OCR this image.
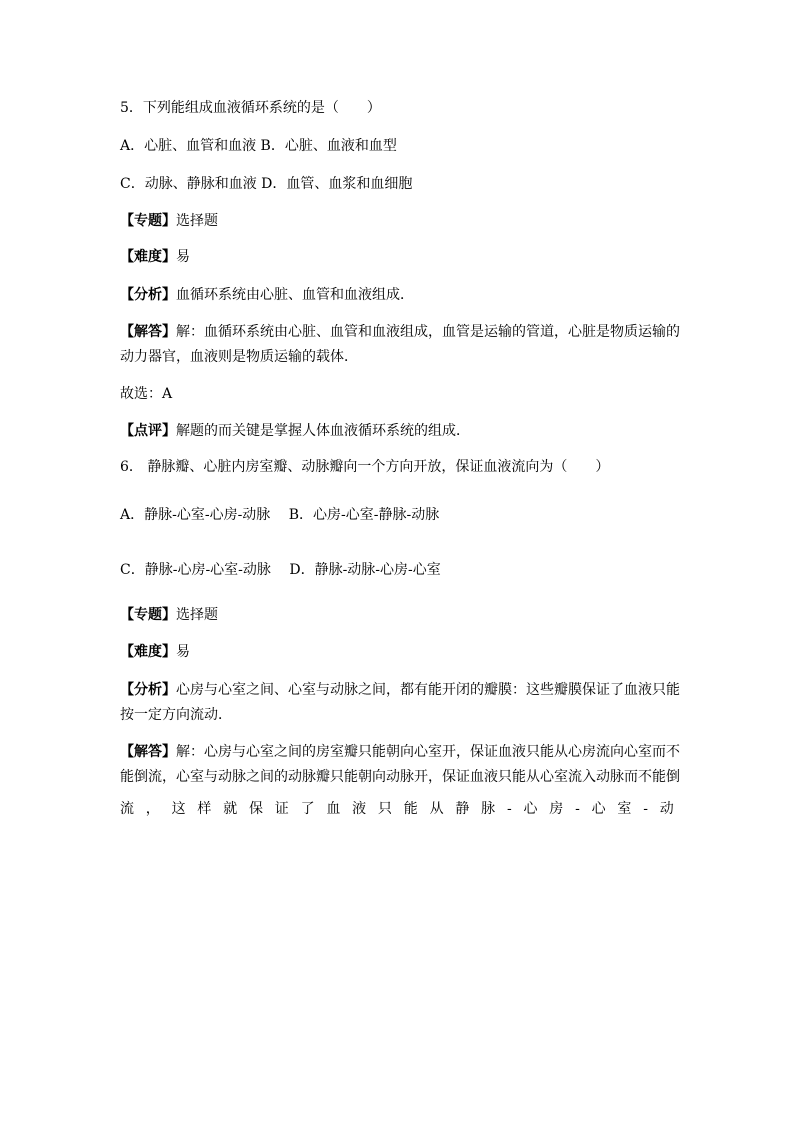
5．下列能组成血液循环系统的是（　　）
A．心脏、血管和血液 B．心脏、血液和血型
C．动脉、静脉和血液 D．血管、血浆和血细胞
【专题】选择题
【难度】易
【分析】血循环系统由心脏、血管和血液组成．
【解答】解：血循环系统由心脏、血管和血液组成，血管是运输的管道，心脏是物质运输的
动力器官，血液则是物质运输的载体．
故选：A
【点评】解题的而关键是掌握人体血液循环系统的组成．
6． 静脉瓣、心脏内房室瓣、动脉瓣向一个方向开放，保证血液流向为（　　）
A．静脉-心室-心房-动脉　 B．心房-心室-静脉-动脉
C．静脉-心房-心室-动脉　 D．静脉-动脉-心房-心室
【专题】选择题
【难度】易
【分析】心房与心室之间、心室与动脉之间，都有能开闭的瓣膜：这些瓣膜保证了血液只能
按一定方向流动．
【解答】解：心房与心室之间的房室瓣只能朝向心室开，保证血液只能从心房流向心室而不
能倒流，心室与动脉之间的动脉瓣只能朝向动脉开，保证血液只能从心室流入动脉而不能倒
流 ， 这 样 就 保 证 了 血 液 只 能 从 静 脉 - 心 房 - 心 室 - 动
